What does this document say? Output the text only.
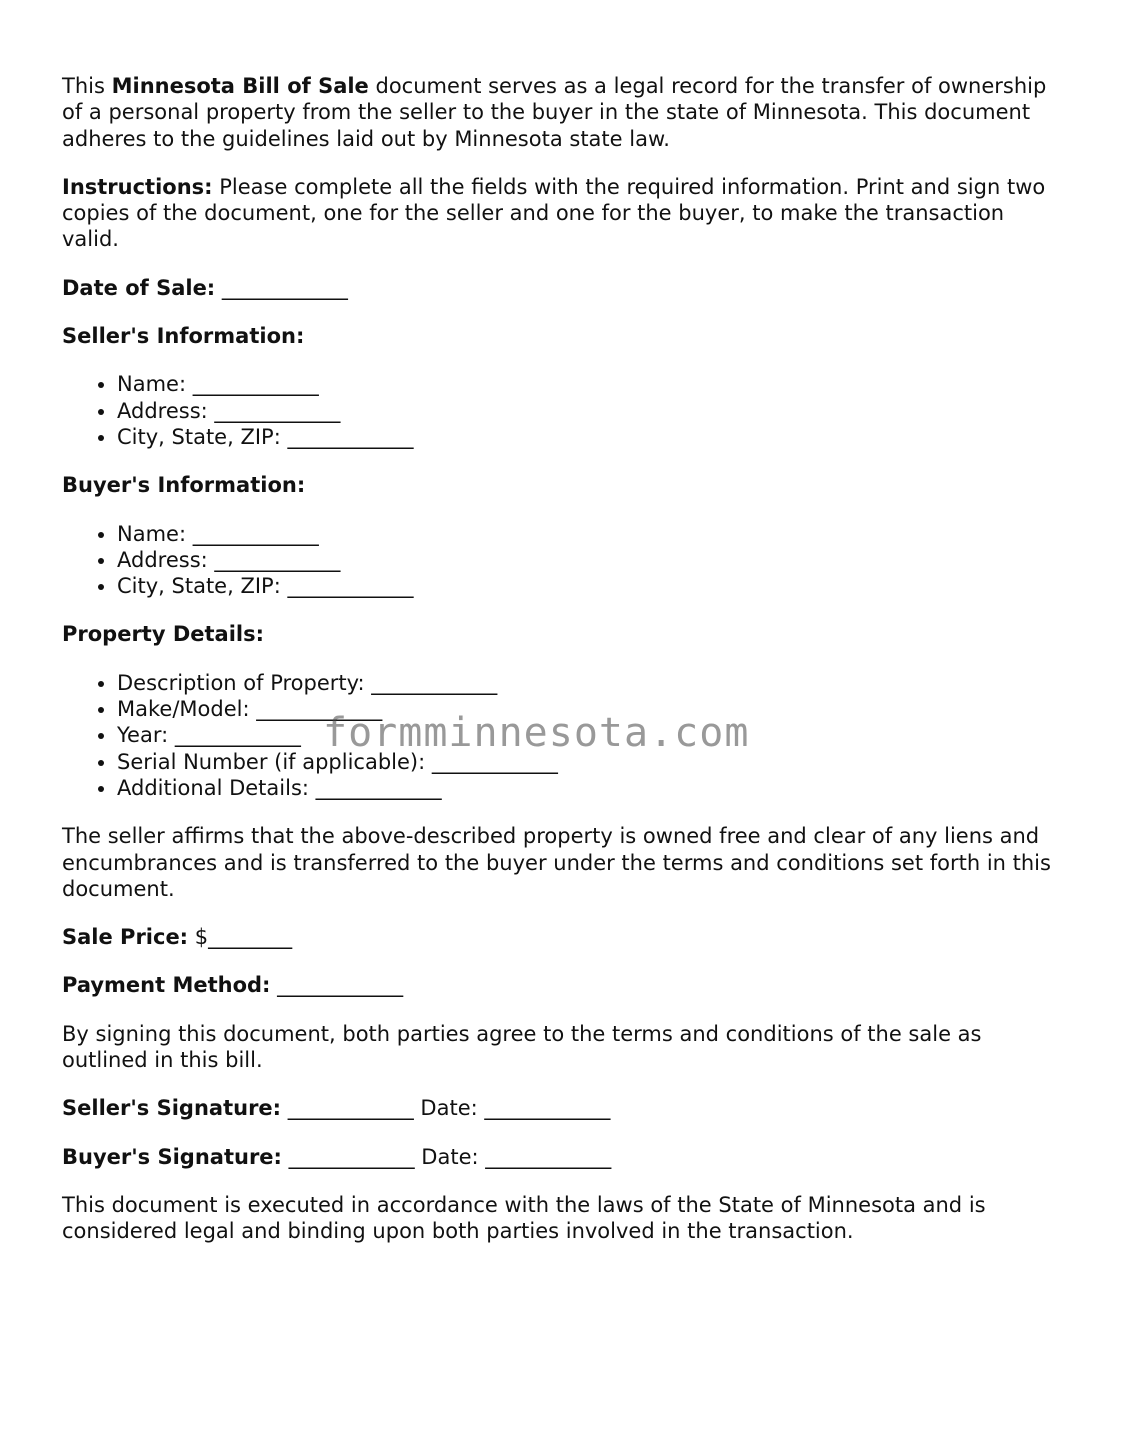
This Minnesota Bill of Sale document serves as a legal record for the transfer of ownership of a personal property from the seller to the buyer in the state of Minnesota. This document adheres to the guidelines laid out by Minnesota state law.

Instructions: Please complete all the fields with the required information. Print and sign two copies of the document, one for the seller and one for the buyer, to make the transaction valid.

Date of Sale: ____________

Seller's Information:

• Name: ____________
• Address: ____________
• City, State, ZIP: ____________

Buyer's Information:

• Name: ____________
• Address: ____________
• City, State, ZIP: ____________

Property Details:

• Description of Property: ____________
• Make/Model: ____________
• Year: ____________
• Serial Number (if applicable): ____________
• Additional Details: ____________

The seller affirms that the above-described property is owned free and clear of any liens and encumbrances and is transferred to the buyer under the terms and conditions set forth in this document.

Sale Price: $________

Payment Method: ____________

By signing this document, both parties agree to the terms and conditions of the sale as outlined in this bill.

Seller's Signature: ____________ Date: ____________

Buyer's Signature: ____________ Date: ____________

This document is executed in accordance with the laws of the State of Minnesota and is considered legal and binding upon both parties involved in the transaction.

formminnesota.com
